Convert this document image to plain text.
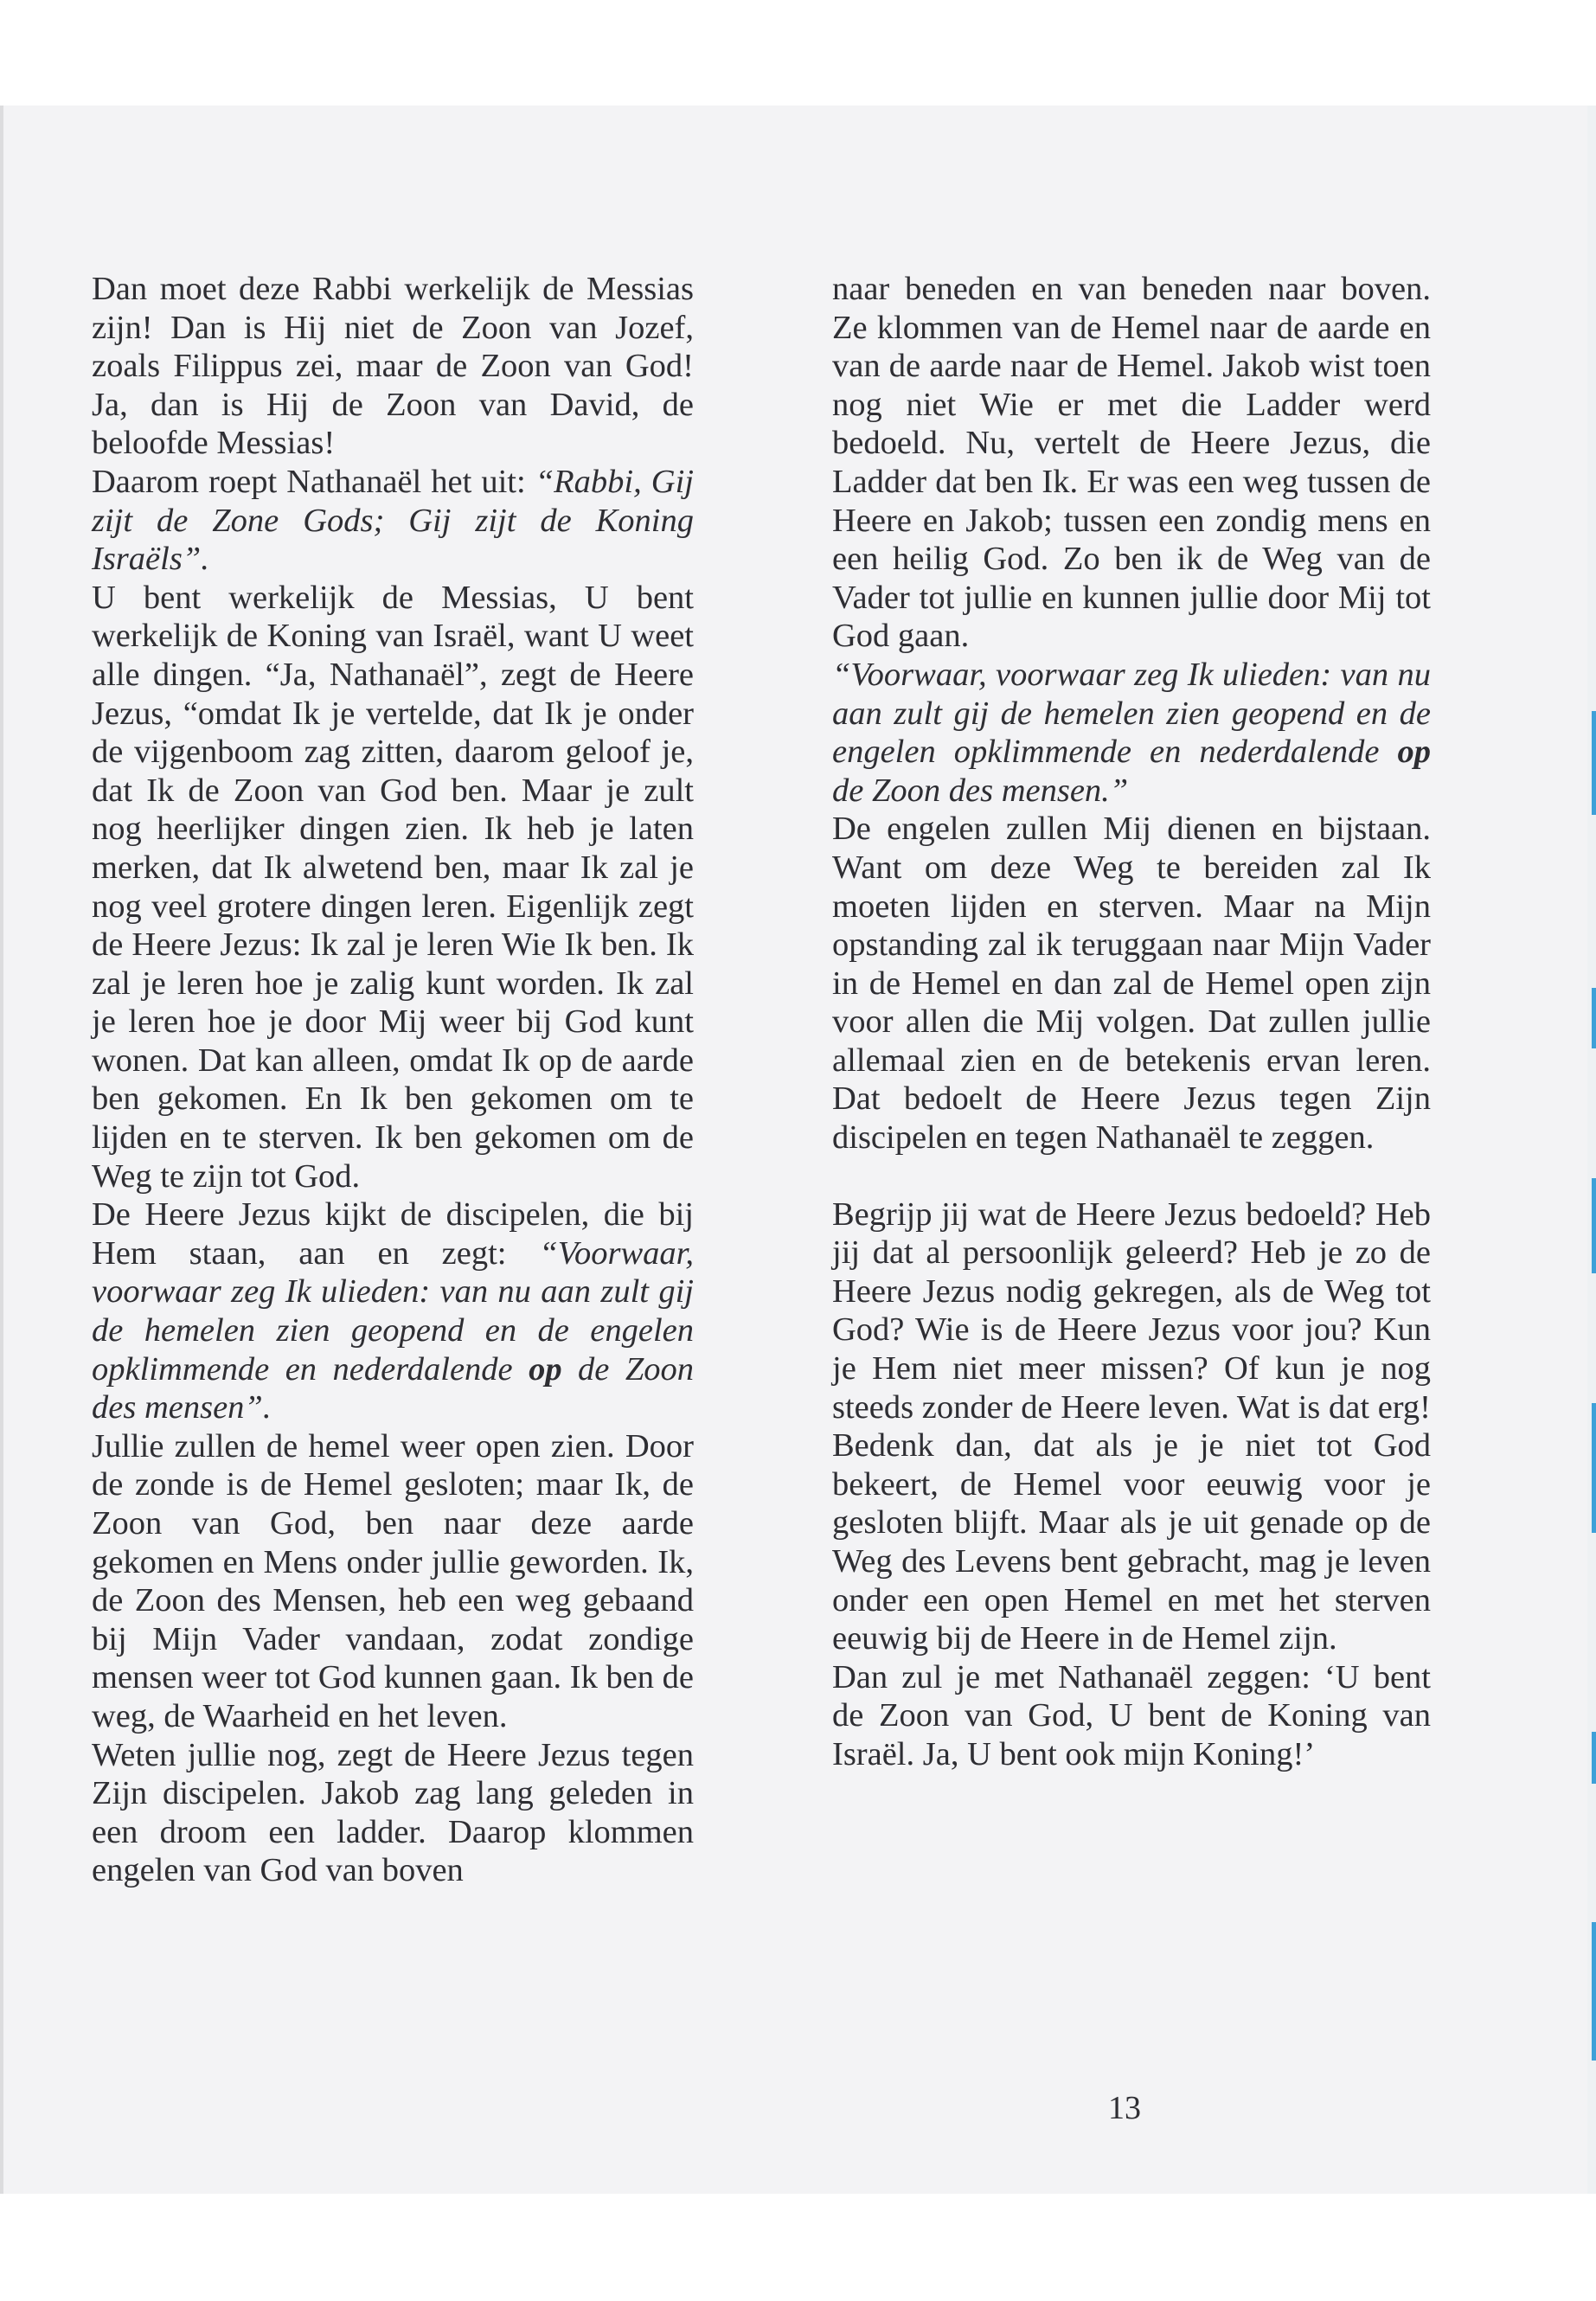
Dan moet deze Rabbi werkelijk de Messias zijn! Dan is Hij niet de Zoon van Jozef, zoals Filippus zei, maar de Zoon van God! Ja, dan is Hij de Zoon van David, de beloofde Messias!

Daarom roept Nathanaël het uit: “Rabbi, Gij zijt de Zone Gods; Gij zijt de Koning Israëls”.

U bent werkelijk de Messias, U bent werkelijk de Koning van Israël, want U weet alle dingen. “Ja, Nathanaël”, zegt de Heere Jezus, “omdat Ik je vertelde, dat Ik je onder de vijgenboom zag zitten, daarom geloof je, dat Ik de Zoon van God ben. Maar je zult nog heerlijker dingen zien. Ik heb je laten merken, dat Ik alwetend ben, maar Ik zal je nog veel grotere dingen leren. Eigenlijk zegt de Heere Jezus: Ik zal je leren Wie Ik ben. Ik zal je leren hoe je zalig kunt worden. Ik zal je leren hoe je door Mij weer bij God kunt wonen. Dat kan alleen, omdat Ik op de aarde ben gekomen. En Ik ben gekomen om te lijden en te sterven. Ik ben gekomen om de Weg te zijn tot God.

De Heere Jezus kijkt de discipelen, die bij Hem staan, aan en zegt: “Voorwaar, voorwaar zeg Ik ulieden: van nu aan zult gij de hemelen zien geopend en de engelen opklimmende en nederdalende op de Zoon des mensen”.

Jullie zullen de hemel weer open zien. Door de zonde is de Hemel gesloten; maar Ik, de Zoon van God, ben naar deze aarde gekomen en Mens onder jullie geworden. Ik, de Zoon des Mensen, heb een weg gebaand bij Mijn Vader vandaan, zodat zondige mensen weer tot God kunnen gaan. Ik ben de weg, de Waarheid en het leven.

Weten jullie nog, zegt de Heere Jezus tegen Zijn discipelen. Jakob zag lang geleden in een droom een ladder. Daarop klommen engelen van God van boven

naar beneden en van beneden naar boven. Ze klommen van de Hemel naar de aarde en van de aarde naar de Hemel. Jakob wist toen nog niet Wie er met die Ladder werd bedoeld. Nu, vertelt de Heere Jezus, die Ladder dat ben Ik. Er was een weg tussen de Heere en Jakob; tussen een zondig mens en een heilig God. Zo ben ik de Weg van de Vader tot jullie en kunnen jullie door Mij tot God gaan.

“Voorwaar, voorwaar zeg Ik ulieden: van nu aan zult gij de hemelen zien geopend en de engelen opklimmende en nederdalende op de Zoon des mensen.”

De engelen zullen Mij dienen en bijstaan. Want om deze Weg te bereiden zal Ik moeten lijden en sterven. Maar na Mijn opstanding zal ik teruggaan naar Mijn Vader in de Hemel en dan zal de Hemel open zijn voor allen die Mij volgen. Dat zullen jullie allemaal zien en de betekenis ervan leren. Dat bedoelt de Heere Jezus tegen Zijn discipelen en tegen Nathanaël te zeggen.

Begrijp jij wat de Heere Jezus bedoeld? Heb jij dat al persoonlijk geleerd? Heb je zo de Heere Jezus nodig gekregen, als de Weg tot God? Wie is de Heere Jezus voor jou? Kun je Hem niet meer missen? Of kun je nog steeds zonder de Heere leven. Wat is dat erg! Bedenk dan, dat als je je niet tot God bekeert, de Hemel voor eeuwig voor je gesloten blijft. Maar als je uit genade op de Weg des Levens bent gebracht, mag je leven onder een open Hemel en met het sterven eeuwig bij de Heere in de Hemel zijn.

Dan zul je met Nathanaël zeggen: ‘U bent de Zoon van God, U bent de Koning van Israël. Ja, U bent ook mijn Koning!’

13
